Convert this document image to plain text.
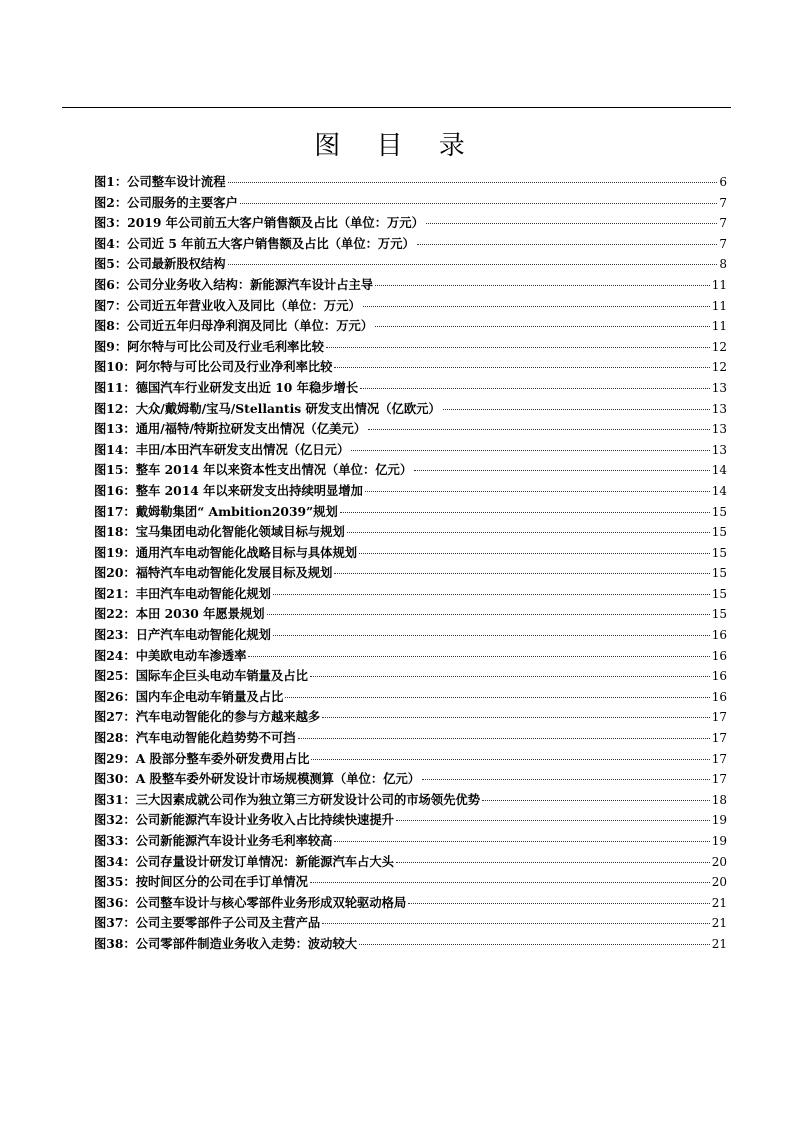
图 目 录
图1：公司整车设计流程	6
图2：公司服务的主要客户	7
图3：2019 年公司前五大客户销售额及占比（单位：万元）	7
图4：公司近 5 年前五大客户销售额及占比（单位：万元）	7
图5：公司最新股权结构	8
图6：公司分业务收入结构：新能源汽车设计占主导	11
图7：公司近五年营业收入及同比（单位：万元）	11
图8：公司近五年归母净利润及同比（单位：万元）	11
图9：阿尔特与可比公司及行业毛利率比较	12
图10：阿尔特与可比公司及行业净利率比较	12
图11：德国汽车行业研发支出近 10 年稳步增长	13
图12：大众/戴姆勒/宝马/Stellantis 研发支出情况（亿欧元）	13
图13：通用/福特/特斯拉研发支出情况（亿美元）	13
图14：丰田/本田汽车研发支出情况（亿日元）	13
图15：整车 2014 年以来资本性支出情况（单位：亿元）	14
图16：整车 2014 年以来研发支出持续明显增加	14
图17：戴姆勒集团“ Ambition2039”规划	15
图18：宝马集团电动化智能化领域目标与规划	15
图19：通用汽车电动智能化战略目标与具体规划	15
图20：福特汽车电动智能化发展目标及规划	15
图21：丰田汽车电动智能化规划	15
图22：本田 2030 年愿景规划	15
图23：日产汽车电动智能化规划	16
图24：中美欧电动车渗透率	16
图25：国际车企巨头电动车销量及占比	16
图26：国内车企电动车销量及占比	16
图27：汽车电动智能化的参与方越来越多	17
图28：汽车电动智能化趋势势不可挡	17
图29：A 股部分整车委外研发费用占比	17
图30：A 股整车委外研发设计市场规模测算（单位：亿元）	17
图31：三大因素成就公司作为独立第三方研发设计公司的市场领先优势	18
图32：公司新能源汽车设计业务收入占比持续快速提升	19
图33：公司新能源汽车设计业务毛利率较高	19
图34：公司存量设计研发订单情况：新能源汽车占大头	20
图35：按时间区分的公司在手订单情况	20
图36：公司整车设计与核心零部件业务形成双轮驱动格局	21
图37：公司主要零部件子公司及主营产品	21
图38：公司零部件制造业务收入走势：波动较大	21
